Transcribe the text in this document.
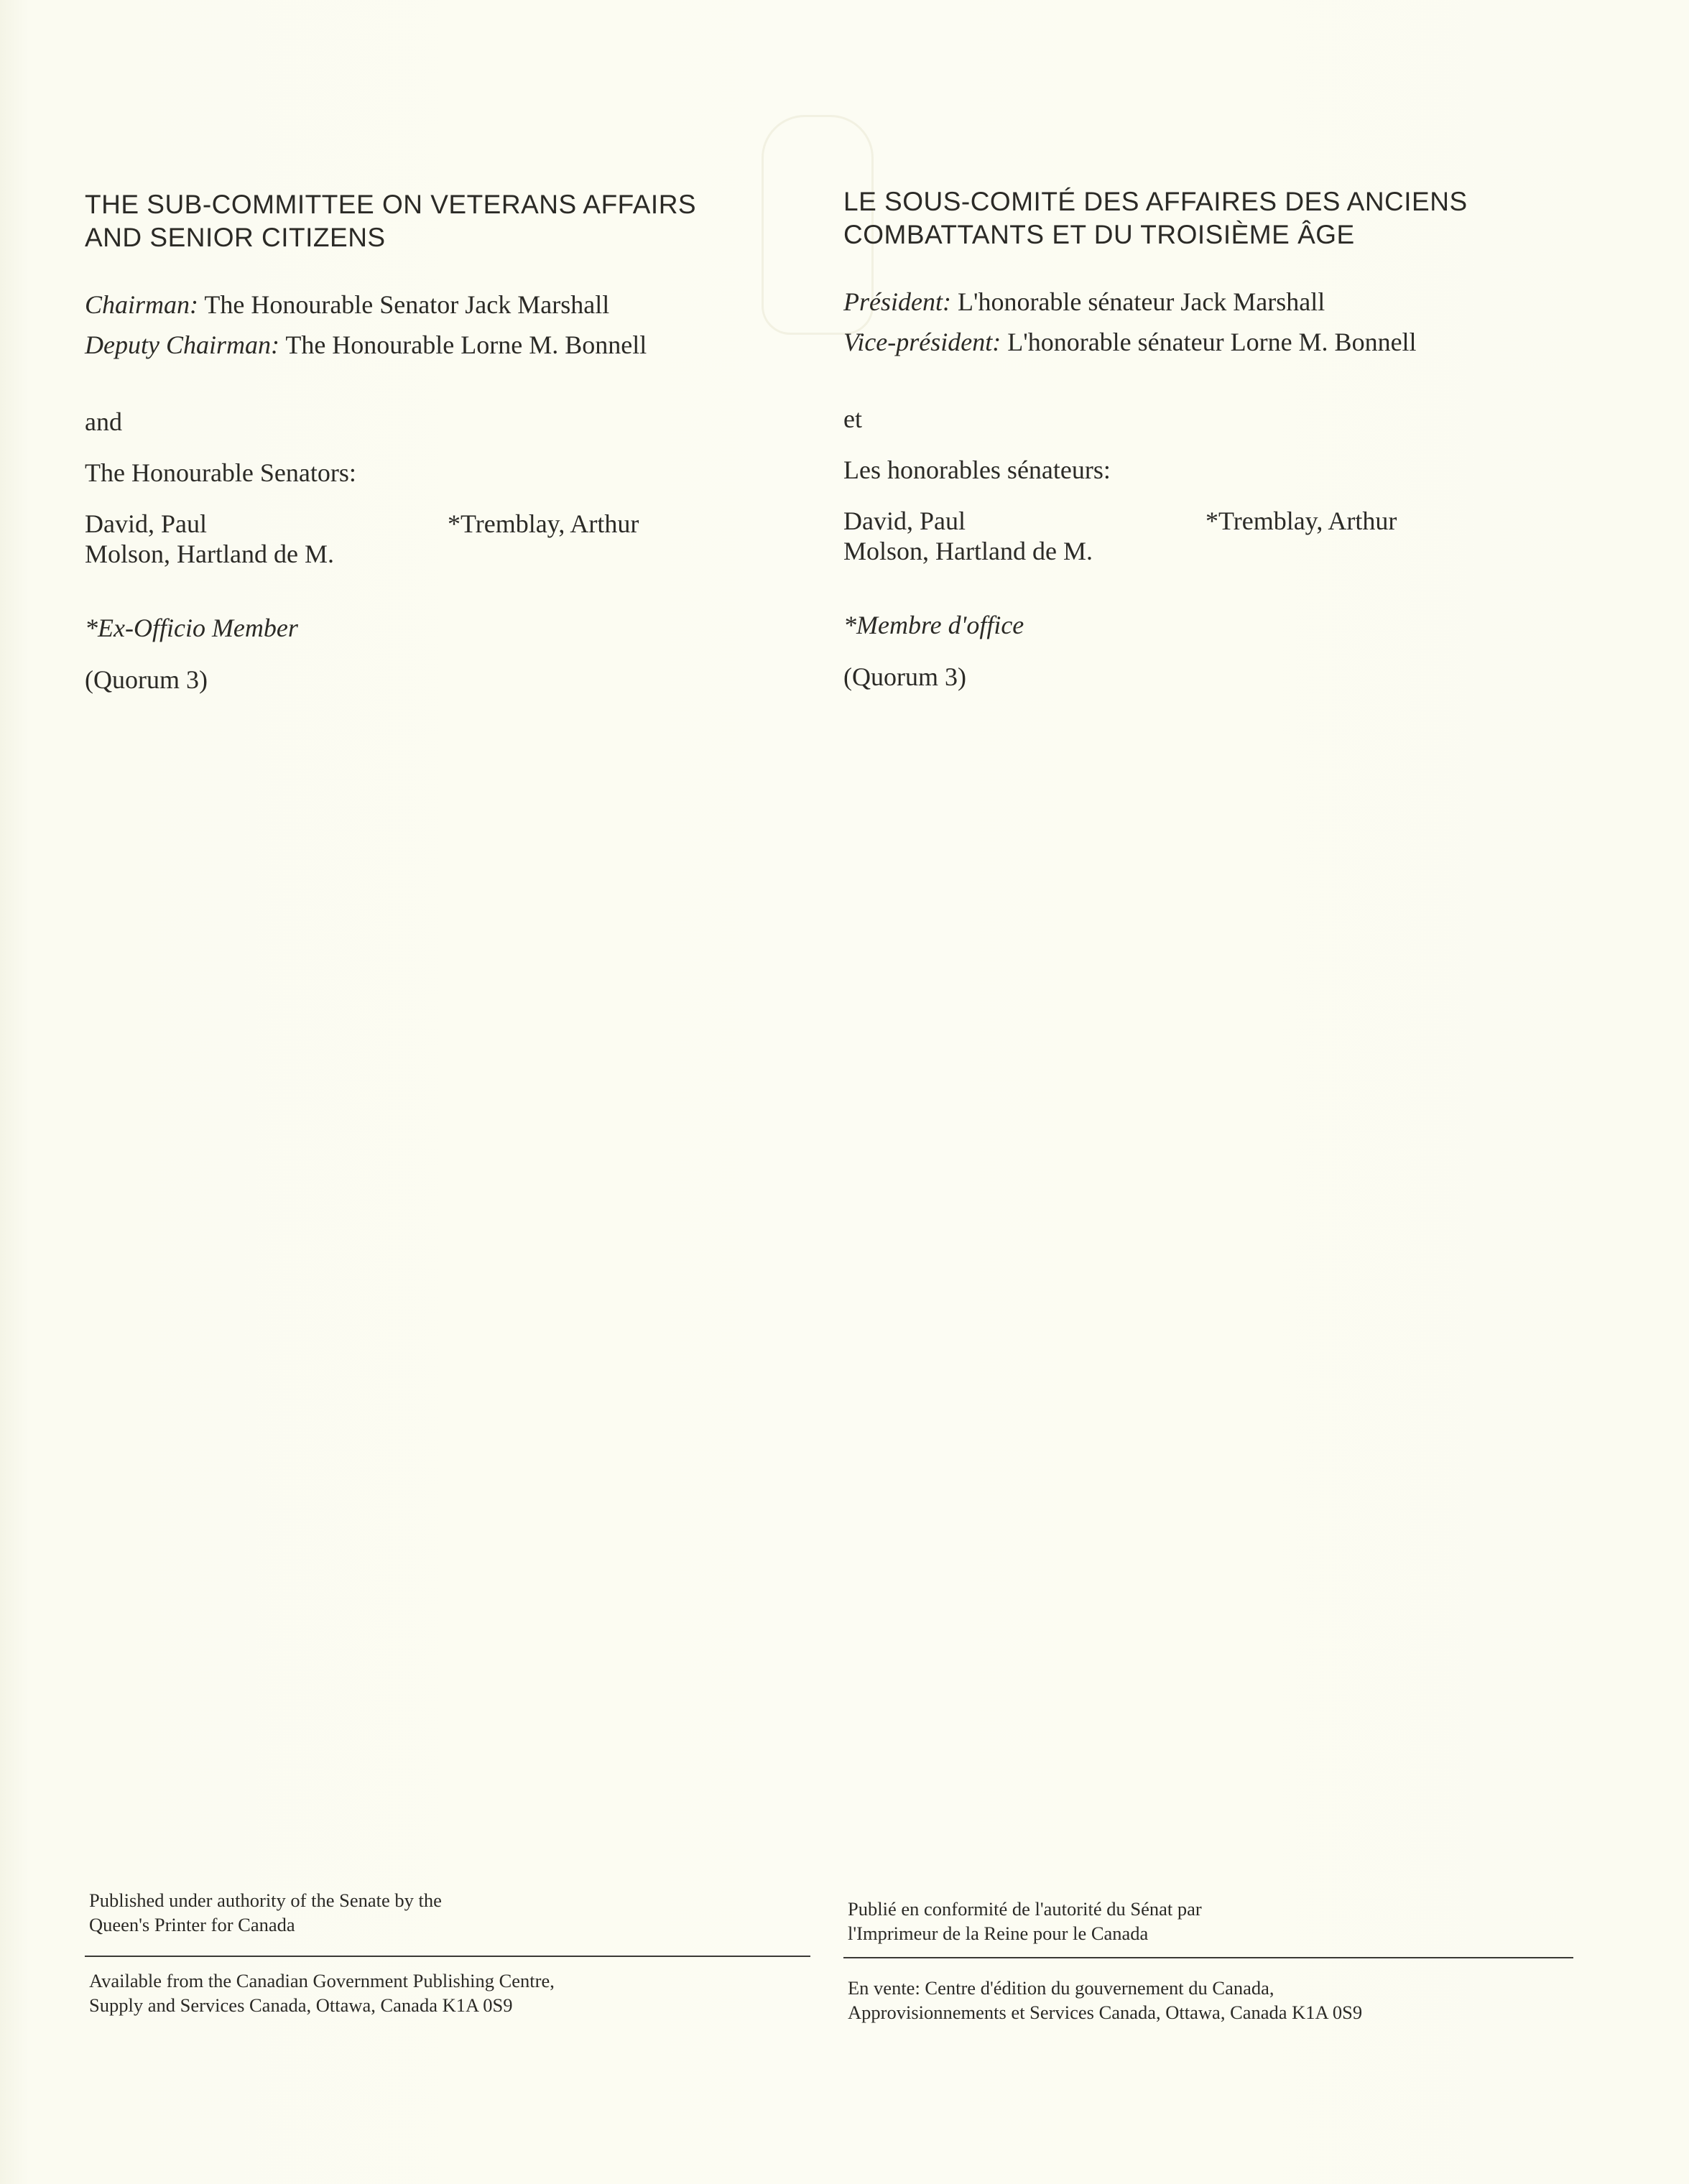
THE SUB-COMMITTEE ON VETERANS AFFAIRS
AND SENIOR CITIZENS
Chairman: The Honourable Senator Jack Marshall
Deputy Chairman: The Honourable Lorne M. Bonnell
and
The Honourable Senators:
David, Paul
Molson, Hartland de M.
*Tremblay, Arthur
*Ex-Officio Member
(Quorum 3)
LE SOUS-COMITÉ DES AFFAIRES DES ANCIENS
COMBATTANTS ET DU TROISIÈME ÂGE
Président: L'honorable sénateur Jack Marshall
Vice-président: L'honorable sénateur Lorne M. Bonnell
et
Les honorables sénateurs:
David, Paul
Molson, Hartland de M.
*Tremblay, Arthur
*Membre d'office
(Quorum 3)

Published under authority of the Senate by the

Queen's Printer for Canada

Available from the Canadian Government Publishing Centre,

Supply and Services Canada, Ottawa, Canada K1A 0S9

Publié en conformité de l'autorité du Sénat par

l'Imprimeur de la Reine pour le Canada

En vente: Centre d'édition du gouvernement du Canada,

Approvisionnements et Services Canada, Ottawa, Canada K1A 0S9
